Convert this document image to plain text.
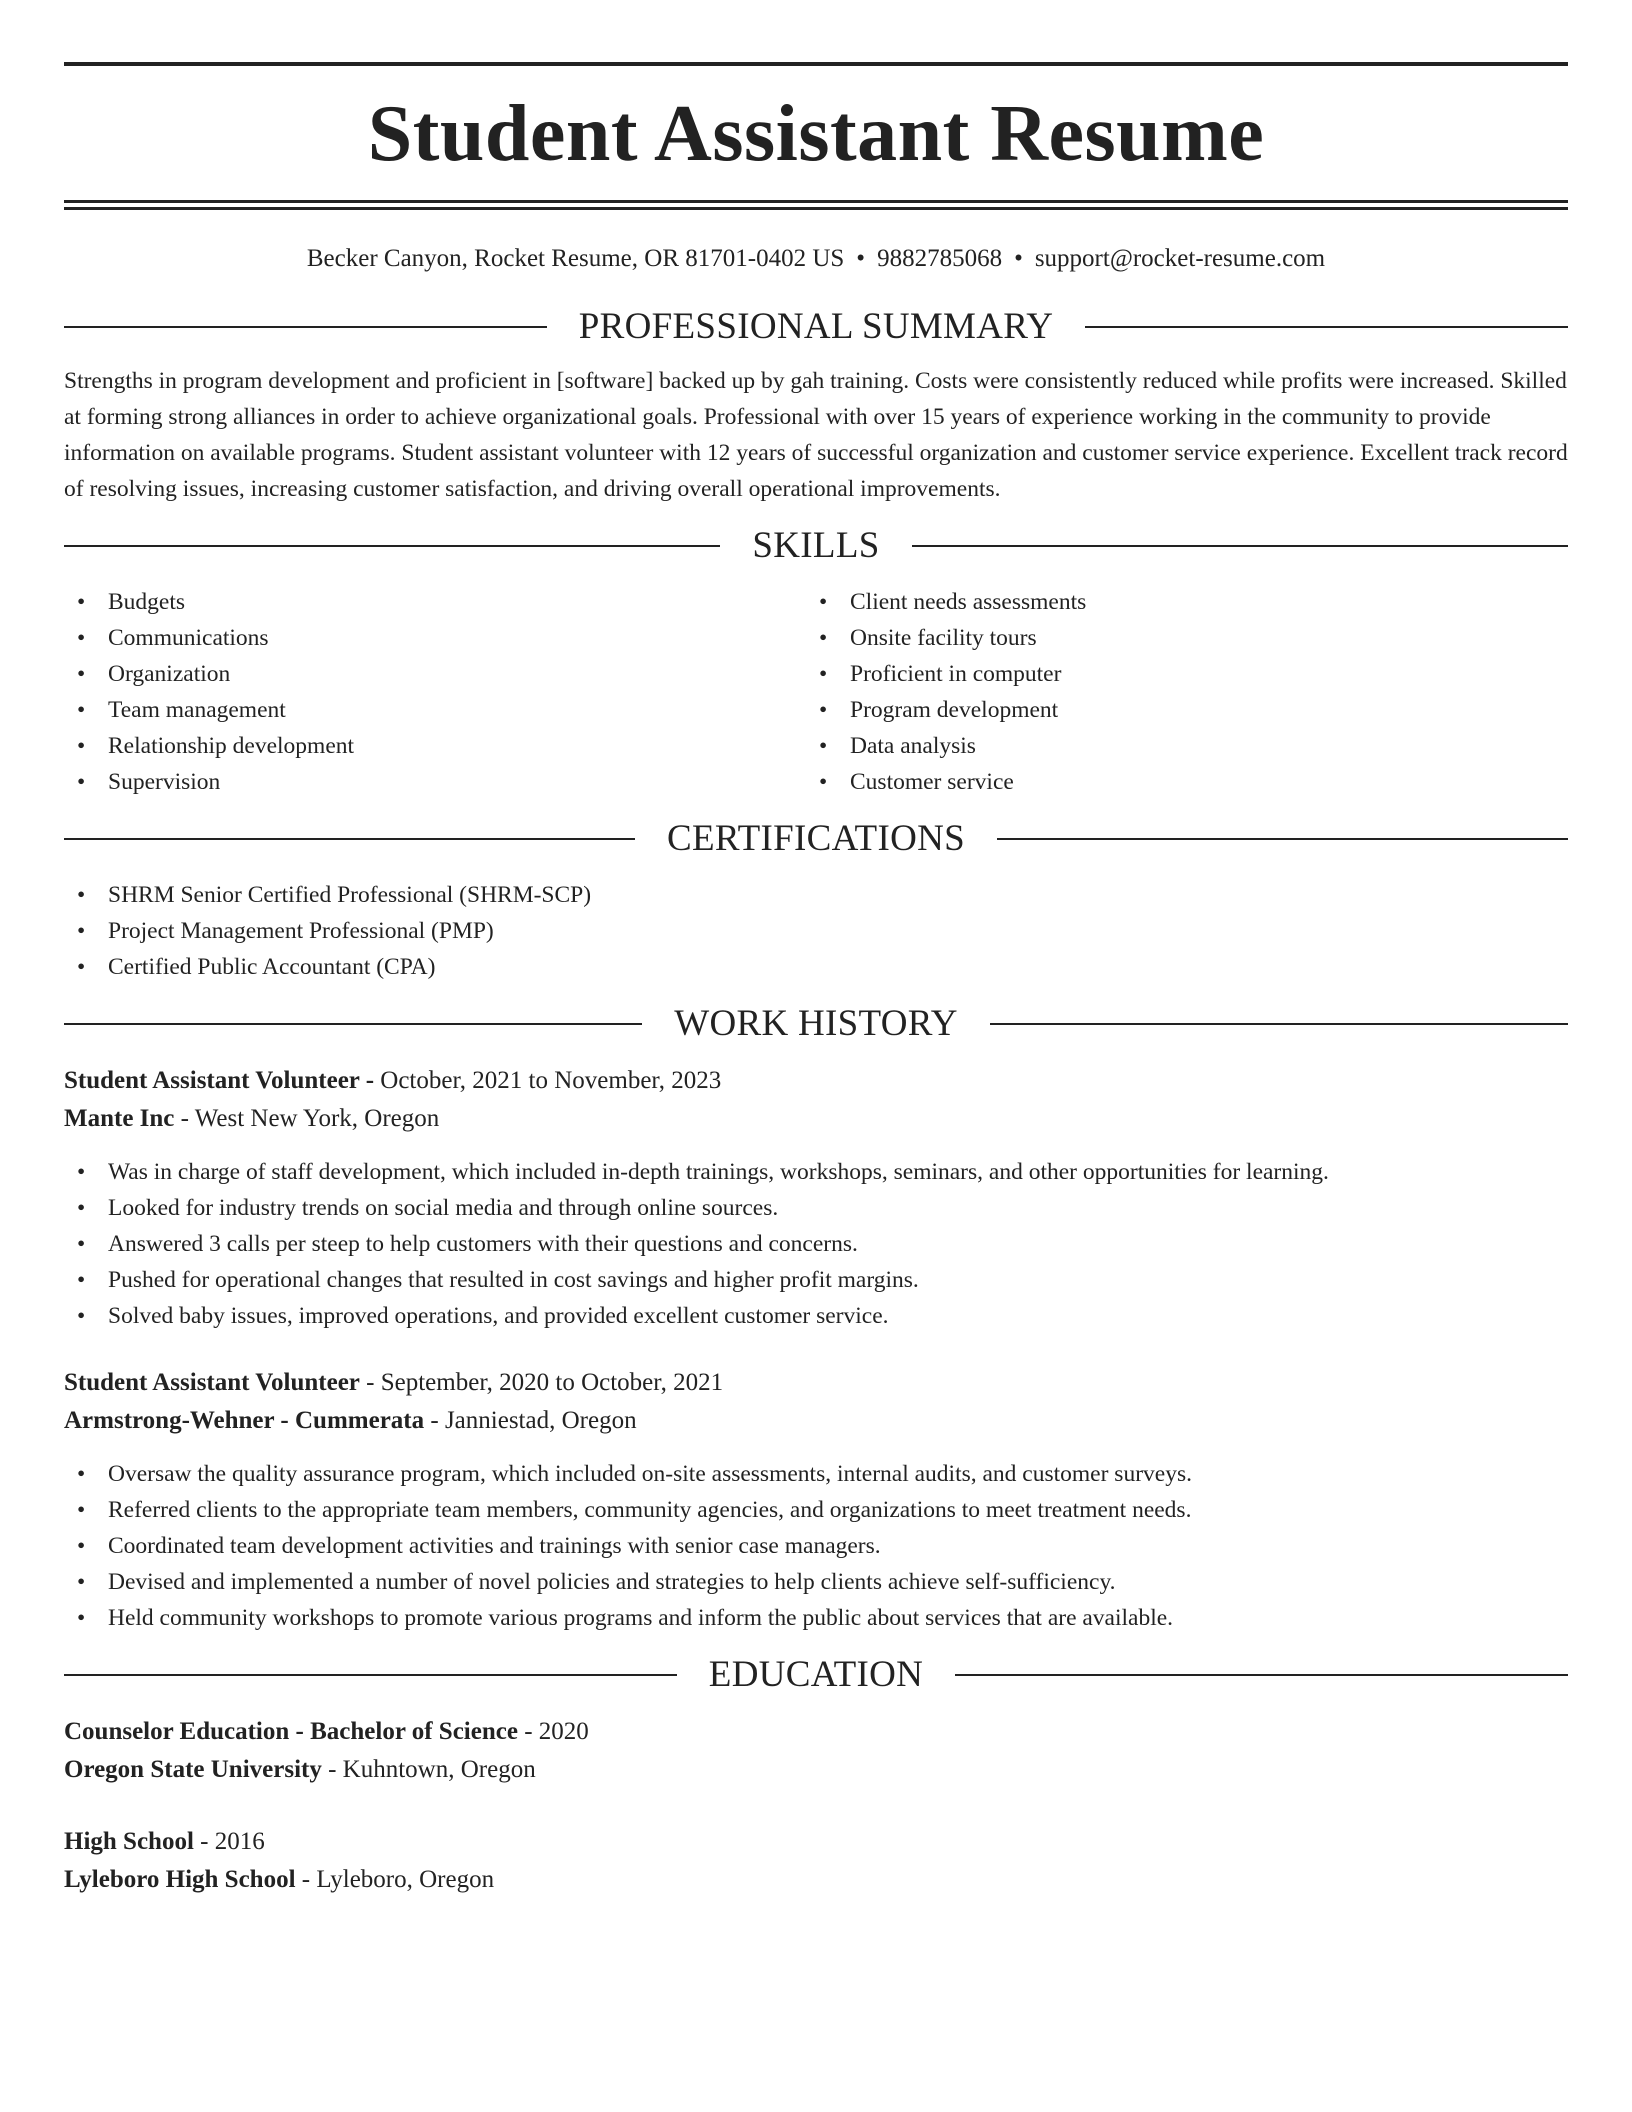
Student Assistant Resume
Becker Canyon, Rocket Resume, OR 81701-0402 US • 9882785068 • support@rocket-resume.com
PROFESSIONAL SUMMARY

Strengths in program development and proficient in [software] backed up by gah training. Costs were consistently reduced while profits were increased. Skilled at forming strong alliances in order to achieve organizational goals. Professional with over 15 years of experience working in the community to provide information on available programs. Student assistant volunteer with 12 years of successful organization and customer service experience. Excellent track record of resolving issues, increasing customer satisfaction, and driving overall operational improvements.

SKILLS
• Budgets
• Communications
• Organization
• Team management
• Relationship development
• Supervision
• Client needs assessments
• Onsite facility tours
• Proficient in computer
• Program development
• Data analysis
• Customer service
CERTIFICATIONS
• SHRM Senior Certified Professional (SHRM-SCP)
• Project Management Professional (PMP)
• Certified Public Accountant (CPA)
WORK HISTORY
Student Assistant Volunteer - October, 2021 to November, 2023
Mante Inc - West New York, Oregon
• Was in charge of staff development, which included in-depth trainings, workshops, seminars, and other opportunities for learning.
• Looked for industry trends on social media and through online sources.
• Answered 3 calls per steep to help customers with their questions and concerns.
• Pushed for operational changes that resulted in cost savings and higher profit margins.
• Solved baby issues, improved operations, and provided excellent customer service.
Student Assistant Volunteer - September, 2020 to October, 2021
Armstrong-Wehner - Cummerata - Janniestad, Oregon
• Oversaw the quality assurance program, which included on-site assessments, internal audits, and customer surveys.
• Referred clients to the appropriate team members, community agencies, and organizations to meet treatment needs.
• Coordinated team development activities and trainings with senior case managers.
• Devised and implemented a number of novel policies and strategies to help clients achieve self-sufficiency.
• Held community workshops to promote various programs and inform the public about services that are available.
EDUCATION
Counselor Education - Bachelor of Science - 2020
Oregon State University - Kuhntown, Oregon
High School - 2016
Lyleboro High School - Lyleboro, Oregon
